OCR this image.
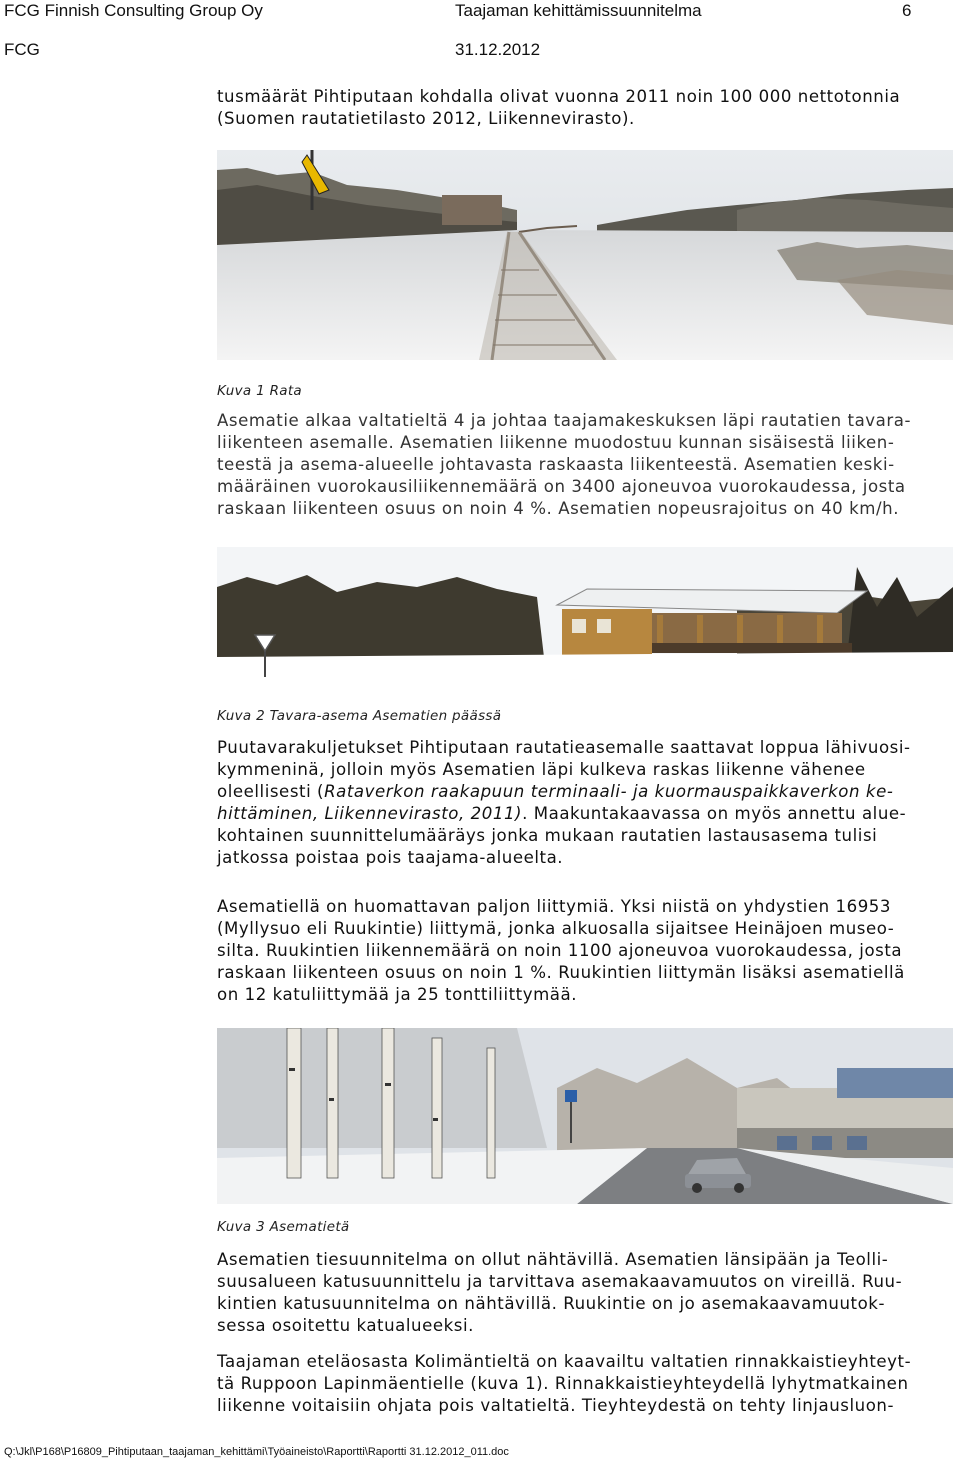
FCG Finnish Consulting Group Oy	Taajaman kehittämissuunnitelma	6
FCG	31.12.2012

tusmäärät Pihtiputaan kohdalla olivat vuonna 2011 noin 100 000 nettotonnia
(Suomen rautatietilasto 2012, Liikennevirasto).

Kuva 1 Rata

Asematie alkaa valtatieltä 4 ja johtaa taajamakeskuksen läpi rautatien tavara-
liikenteen asemalle. Asematien liikenne muodostuu kunnan sisäisestä liiken-
teestä ja asema-alueelle johtavasta raskaasta liikenteestä. Asematien keski-
määräinen vuorokausiliikennemäärä on 3400 ajoneuvoa vuorokaudessa, josta
raskaan liikenteen osuus on noin 4 %. Asematien nopeusrajoitus on 40 km/h.

Kuva 2 Tavara-asema Asematien päässä

Puutavarakuljetukset Pihtiputaan rautatieasemalle saattavat loppua lähivuosi-
kymmeninä, jolloin myös Asematien läpi kulkeva raskas liikenne vähenee
oleellisesti (Rataverkon raakapuun terminaali- ja kuormauspaikkaverkon ke-
hittäminen, Liikennevirasto, 2011). Maakuntakaavassa on myös annettu alue-
kohtainen suunnittelumääräys jonka mukaan rautatien lastausasema tulisi
jatkossa poistaa pois taajama-alueelta.

Asematiellä on huomattavan paljon liittymiä. Yksi niistä on yhdystien 16953
(Myllysuo eli Ruukintie) liittymä, jonka alkuosalla sijaitsee Heinäjoen museo-
silta. Ruukintien liikennemäärä on noin 1100 ajoneuvoa vuorokaudessa, josta
raskaan liikenteen osuus on noin 1 %. Ruukintien liittymän lisäksi asematiellä
on 12 katuliittymää ja 25 tonttiliittymää.

Kuva 3 Asematietä

Asematien tiesuunnitelma on ollut nähtävillä. Asematien länsipään ja Teolli-
suusalueen katusuunnittelu ja tarvittava asemakaavamuutos on vireillä. Ruu-
kintien katusuunnitelma on nähtävillä. Ruukintie on jo asemakaavamuutok-
sessa osoitettu katualueeksi.

Taajaman eteläosasta Kolimäntieltä on kaavailtu valtatien rinnakkaistieyhteyt-
tä Ruppoon Lapinmäentielle (kuva 1). Rinnakkaistieyhteydellä lyhytmatkainen
liikenne voitaisiin ohjata pois valtatieltä. Tieyhteydestä on tehty linjausluon-

Q:\Jkl\P168\P16809_Pihtiputaan_taajaman_kehittämi\Työaineisto\Raportti\Raportti 31.12.2012_011.doc
